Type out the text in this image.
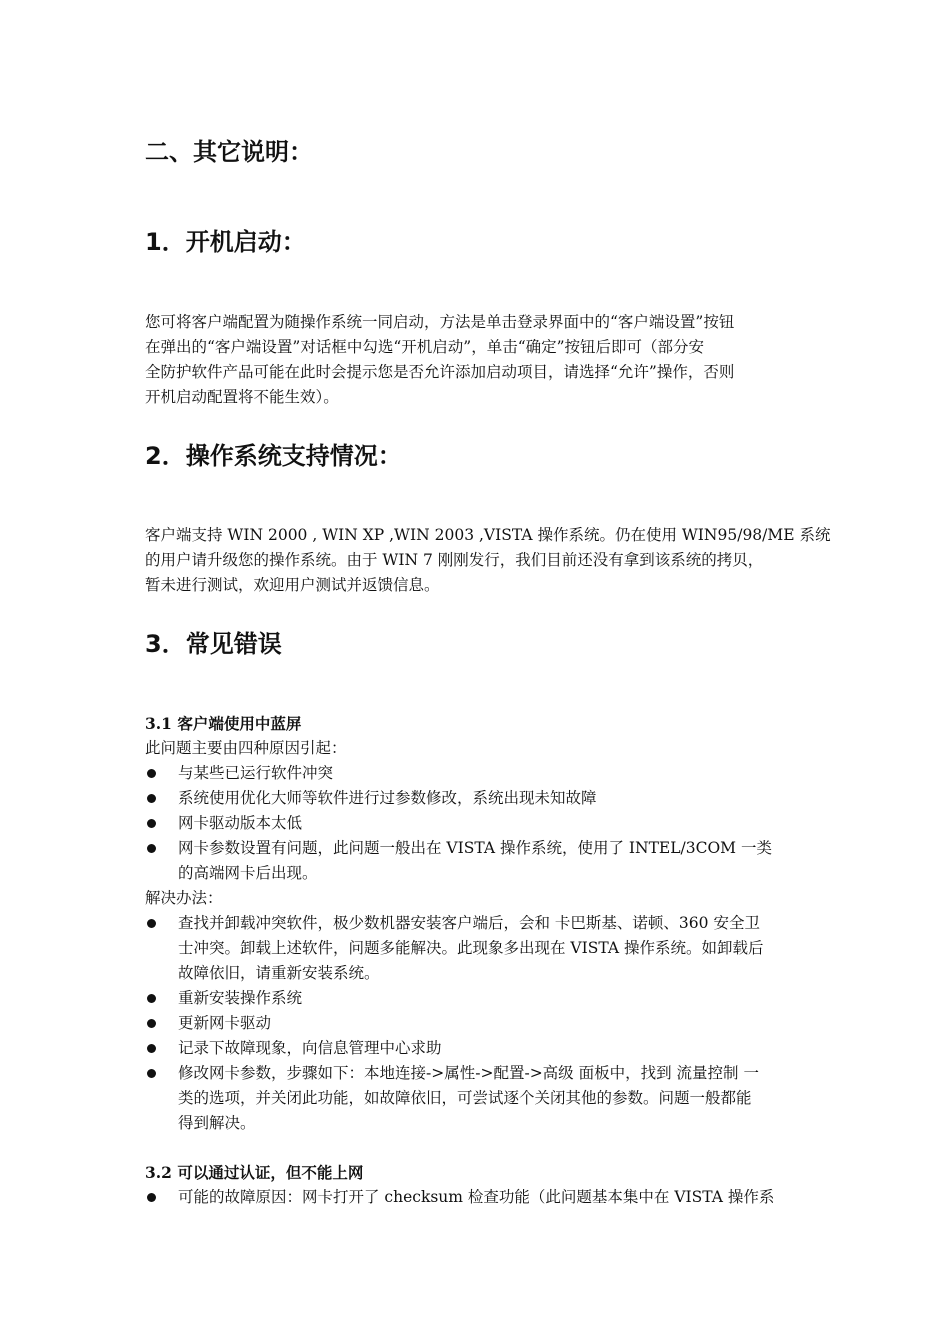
二、其它说明：
1．开机启动：
您可将客户端配置为随操作系统一同启动，方法是单击登录界面中的“客户端设置”按钮
在弹出的“客户端设置”对话框中勾选“开机启动”，单击“确定”按钮后即可（部分安
全防护软件产品可能在此时会提示您是否允许添加启动项目，请选择“允许”操作，否则
开机启动配置将不能生效）。
2．操作系统支持情况：
客户端支持 WIN 2000 , WIN XP ,WIN 2003 ,VISTA 操作系统。仍在使用 WIN95/98/ME 系统
的用户请升级您的操作系统。由于 WIN 7 刚刚发行，我们目前还没有拿到该系统的拷贝，
暂未进行测试，欢迎用户测试并返馈信息。
3．常见错误
3.1 客户端使用中蓝屏
此问题主要由四种原因引起：
与某些已运行软件冲突
系统使用优化大师等软件进行过参数修改，系统出现未知故障
网卡驱动版本太低
网卡参数设置有问题，此问题一般出在 VISTA 操作系统，使用了 INTEL/3COM 一类
的高端网卡后出现。
解决办法：
查找并卸载冲突软件，极少数机器安装客户端后，会和 卡巴斯基、诺顿、360 安全卫
士冲突。卸载上述软件，问题多能解决。此现象多出现在 VISTA 操作系统。如卸载后
故障依旧，请重新安装系统。
重新安装操作系统
更新网卡驱动
记录下故障现象，向信息管理中心求助
修改网卡参数，步骤如下：本地连接->属性->配置->高级 面板中，找到 流量控制 一
类的选项，并关闭此功能，如故障依旧，可尝试逐个关闭其他的参数。问题一般都能
得到解决。
3.2 可以通过认证，但不能上网
可能的故障原因：网卡打开了 checksum 检查功能（此问题基本集中在 VISTA 操作系
